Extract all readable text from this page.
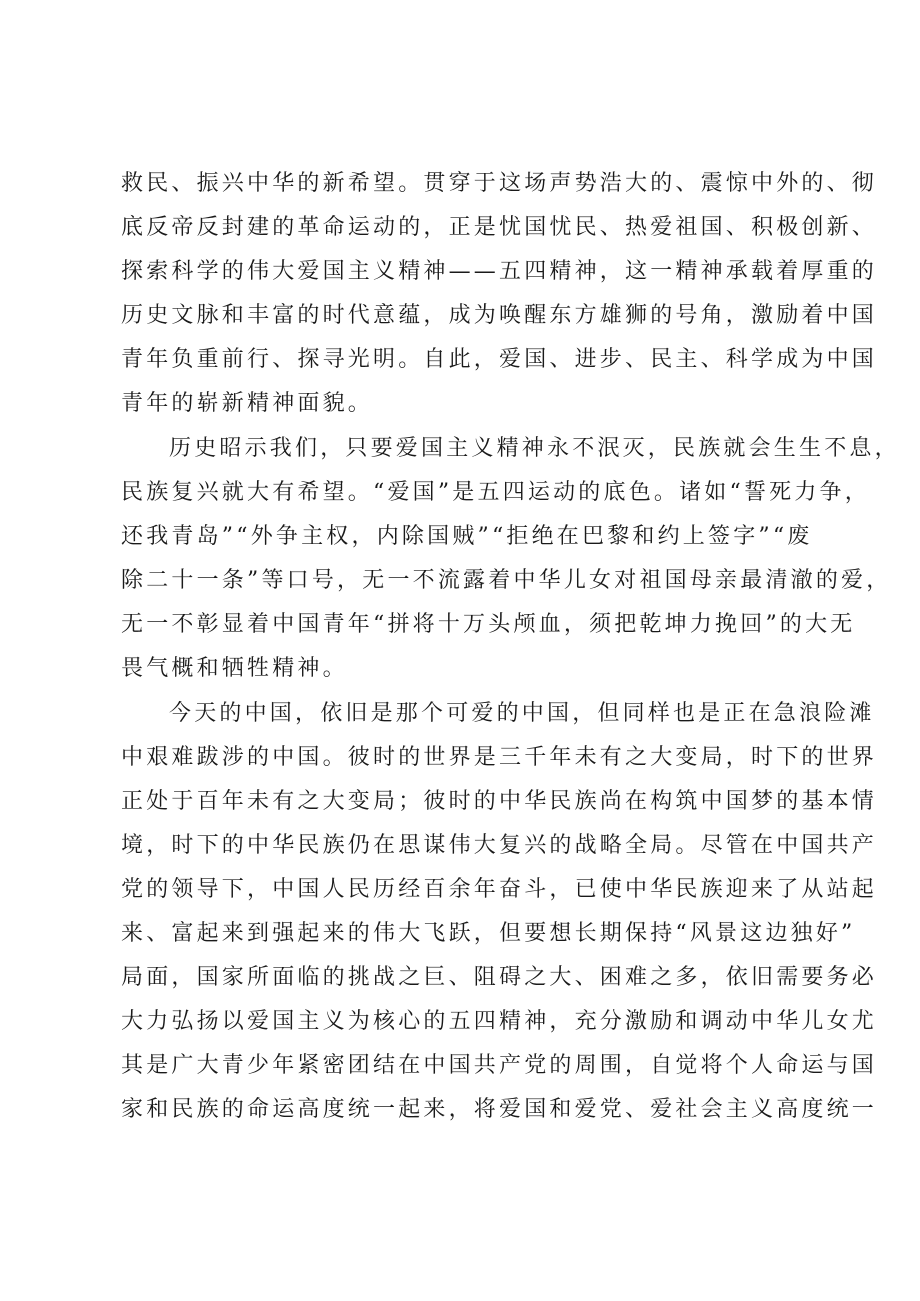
救民、振兴中华的新希望。贯穿于这场声势浩大的、震惊中外的、彻
底反帝反封建的革命运动的，正是忧国忧民、热爱祖国、积极创新、
探索科学的伟大爱国主义精神——五四精神，这一精神承载着厚重的
历史文脉和丰富的时代意蕴，成为唤醒东方雄狮的号角，激励着中国
青年负重前行、探寻光明。自此，爱国、进步、民主、科学成为中国
青年的崭新精神面貌。
历史昭示我们，只要爱国主义精神永不泯灭，民族就会生生不息，
民族复兴就大有希望。“爱国”是五四运动的底色。诸如“誓死力争，
还我青岛”“外争主权，内除国贼”“拒绝在巴黎和约上签字”“废
除二十一条”等口号，无一不流露着中华儿女对祖国母亲最清澈的爱，
无一不彰显着中国青年“拼将十万头颅血，须把乾坤力挽回”的大无
畏气概和牺牲精神。
今天的中国，依旧是那个可爱的中国，但同样也是正在急浪险滩
中艰难跋涉的中国。彼时的世界是三千年未有之大变局，时下的世界
正处于百年未有之大变局；彼时的中华民族尚在构筑中国梦的基本情
境，时下的中华民族仍在思谋伟大复兴的战略全局。尽管在中国共产
党的领导下，中国人民历经百余年奋斗，已使中华民族迎来了从站起
来、富起来到强起来的伟大飞跃，但要想长期保持“风景这边独好”
局面，国家所面临的挑战之巨、阻碍之大、困难之多，依旧需要务必
大力弘扬以爱国主义为核心的五四精神，充分激励和调动中华儿女尤
其是广大青少年紧密团结在中国共产党的周围，自觉将个人命运与国
家和民族的命运高度统一起来，将爱国和爱党、爱社会主义高度统一
